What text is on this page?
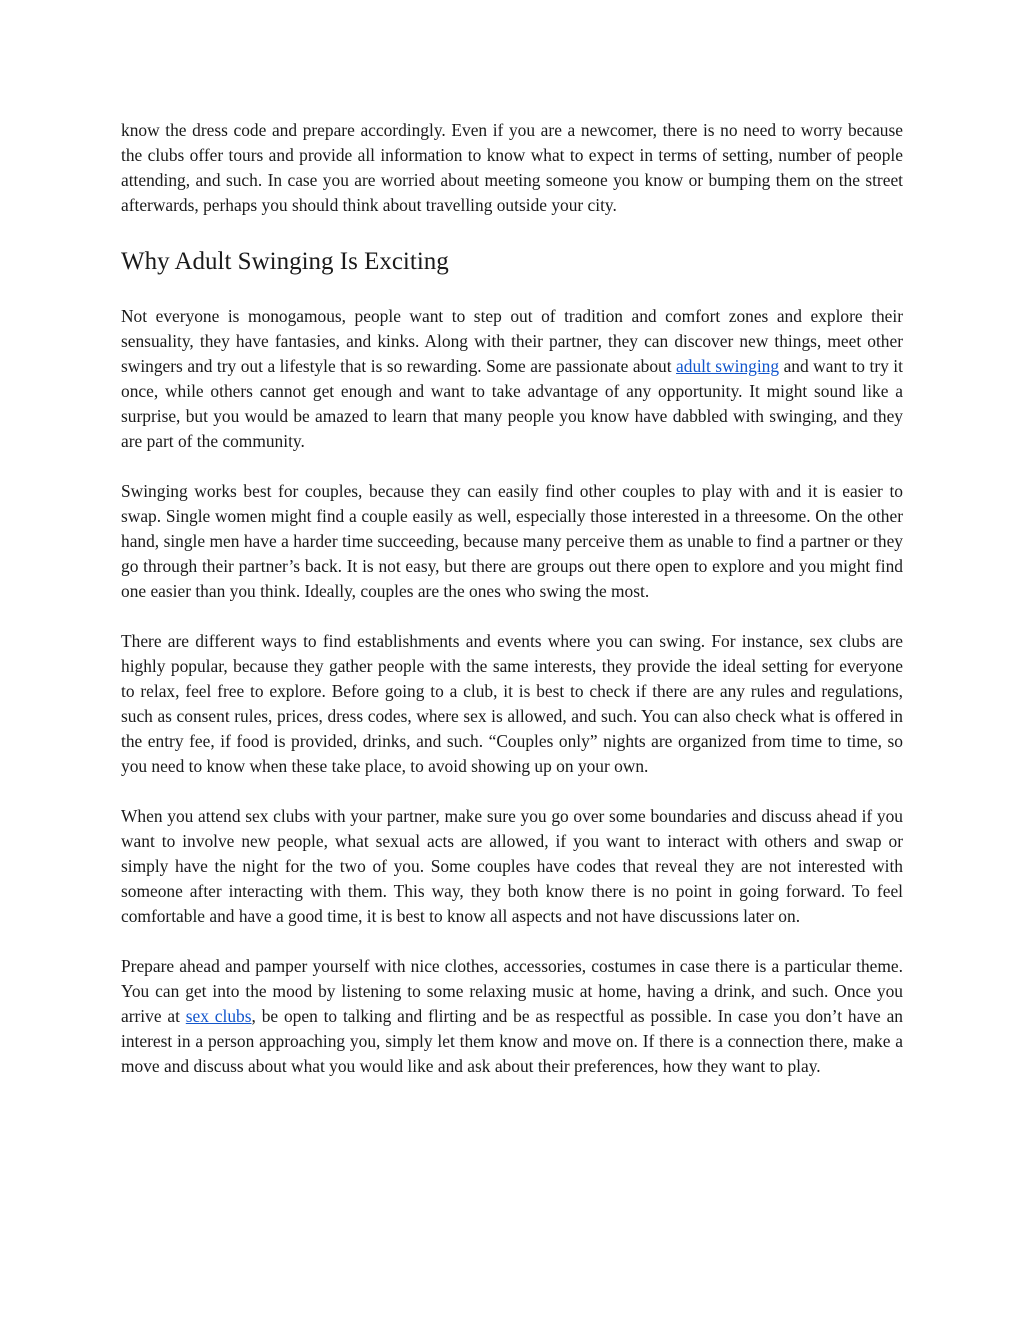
know the dress code and prepare accordingly. Even if you are a newcomer, there is no need to worry because the clubs offer tours and provide all information to know what to expect in terms of setting, number of people attending, and such. In case you are worried about meeting someone you know or bumping them on the street afterwards, perhaps you should think about travelling outside your city.

Why Adult Swinging Is Exciting

Not everyone is monogamous, people want to step out of tradition and comfort zones and explore their sensuality, they have fantasies, and kinks. Along with their partner, they can discover new things, meet other swingers and try out a lifestyle that is so rewarding. Some are passionate about adult swinging and want to try it once, while others cannot get enough and want to take advantage of any opportunity. It might sound like a surprise, but you would be amazed to learn that many people you know have dabbled with swinging, and they are part of the community.

Swinging works best for couples, because they can easily find other couples to play with and it is easier to swap. Single women might find a couple easily as well, especially those interested in a threesome. On the other hand, single men have a harder time succeeding, because many perceive them as unable to find a partner or they go through their partner’s back. It is not easy, but there are groups out there open to explore and you might find one easier than you think. Ideally, couples are the ones who swing the most.

There are different ways to find establishments and events where you can swing. For instance, sex clubs are highly popular, because they gather people with the same interests, they provide the ideal setting for everyone to relax, feel free to explore. Before going to a club, it is best to check if there are any rules and regulations, such as consent rules, prices, dress codes, where sex is allowed, and such. You can also check what is offered in the entry fee, if food is provided, drinks, and such. “Couples only” nights are organized from time to time, so you need to know when these take place, to avoid showing up on your own.

When you attend sex clubs with your partner, make sure you go over some boundaries and discuss ahead if you want to involve new people, what sexual acts are allowed, if you want to interact with others and swap or simply have the night for the two of you. Some couples have codes that reveal they are not interested with someone after interacting with them. This way, they both know there is no point in going forward. To feel comfortable and have a good time, it is best to know all aspects and not have discussions later on.

Prepare ahead and pamper yourself with nice clothes, accessories, costumes in case there is a particular theme. You can get into the mood by listening to some relaxing music at home, having a drink, and such. Once you arrive at sex clubs, be open to talking and flirting and be as respectful as possible. In case you don’t have an interest in a person approaching you, simply let them know and move on. If there is a connection there, make a move and discuss about what you would like and ask about their preferences, how they want to play.
